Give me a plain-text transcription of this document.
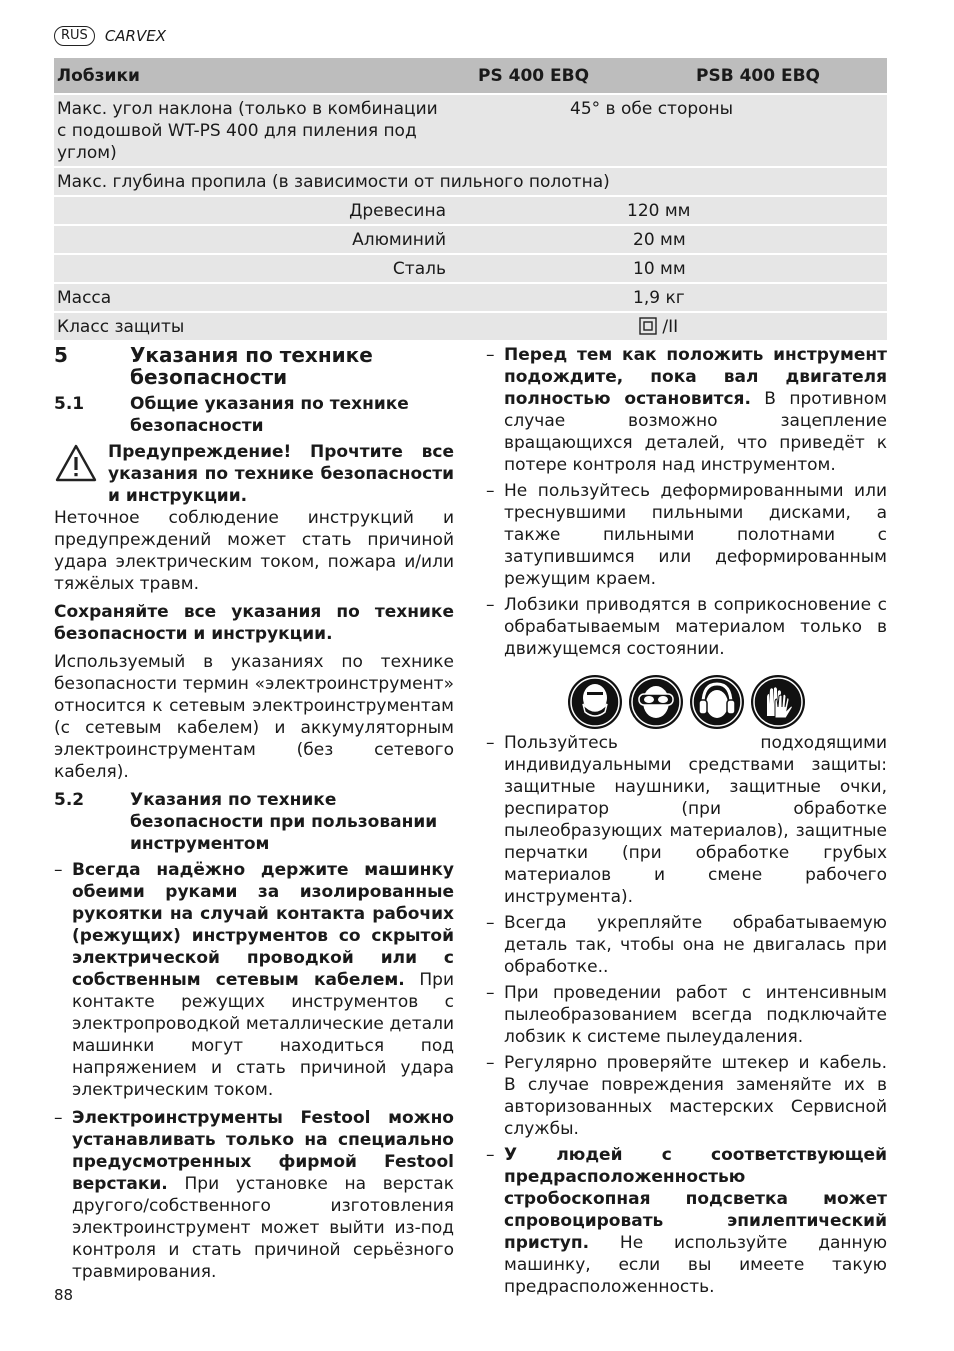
RUS	CARVEX
Лобзики	PS 400 EBQ	PSB 400 EBQ
Макс. угол наклона (только в комбинации с подошвой WT-PS 400 для пиления под углом)	45° в обе стороны	
Макс. глубина пропила (в зависимости от пильного полотна)		
Древесина	120 мм	
Алюминий	20 мм	
Сталь	10 мм	
Масса	1,9 кг	
Класс защиты	/II	
5	Указания по технике безопасности
5.1	Общие указания по технике безопасности

Предупреждение! Прочтите все указания по технике безопасности и инструкции.

Неточное соблюдение инструкций и предупреждений может стать причиной удара электрическим током, пожара и/или тяжёлых травм.

Сохраняйте все указания по технике безопасности и инструкции.

Используемый в указаниях по технике безопасности термин «электроинструмент» относится к сетевым электроинструментам (с сетевым кабелем) и аккумуляторным электроинструментам (без сетевого кабеля).

5.2	Указания по технике безопасности при пользовании инструментом
– Всегда надёжно держите машинку обеими руками за изолированные рукоятки на случай контакта рабочих (режущих) инструментов со скрытой электрической проводкой или с собственным сетевым кабелем. При контакте режущих инструментов с электропроводкой металлические детали машинки могут находиться под напряжением и стать причиной удара электрическим током.

– Электроинструменты Festool можно устанавливать только на специально предусмотренных фирмой Festool верстаки. При установке на верстак другого/собственного изготовления электроинструмент может выйти из-под контроля и стать причиной серьёзного травмирования.

– Перед тем как положить инструмент подождите, пока вал двигателя полностью остановится. В противном случае возможно зацепление вращающихся деталей, что приведёт к потере контроля над инструментом.

– Не пользуйтесь деформированными или треснувшими пильными дисками, а также пильными полотнами с затупившимся или деформированным режущим краем.

– Лобзики приводятся в соприкосновение с обрабатываемым материалом только в движущемся состоянии.

– Пользуйтесь подходящими индивидуальными средствами защиты: защитные наушники, защитные очки, респиратор (при обработке пылеобразующих материалов), защитные перчатки (при обработке грубых материалов и смене рабочего инструмента).

– Всегда укрепляйте обрабатываемую деталь так, чтобы она не двигалась при обработке..

– При проведении работ с интенсивным пылеобразованием всегда подключайте лобзик к системе пылеудаления.

– Регулярно проверяйте штекер и кабель. В случае повреждения заменяйте их в авторизованных мастерских Сервисной службы.

– У людей с соответствующей предрасположенностью стробоскопная подсветка может спровоцировать эпилептический приступ. Не используйте данную машинку, если вы имеете такую предрасположенность.

88
